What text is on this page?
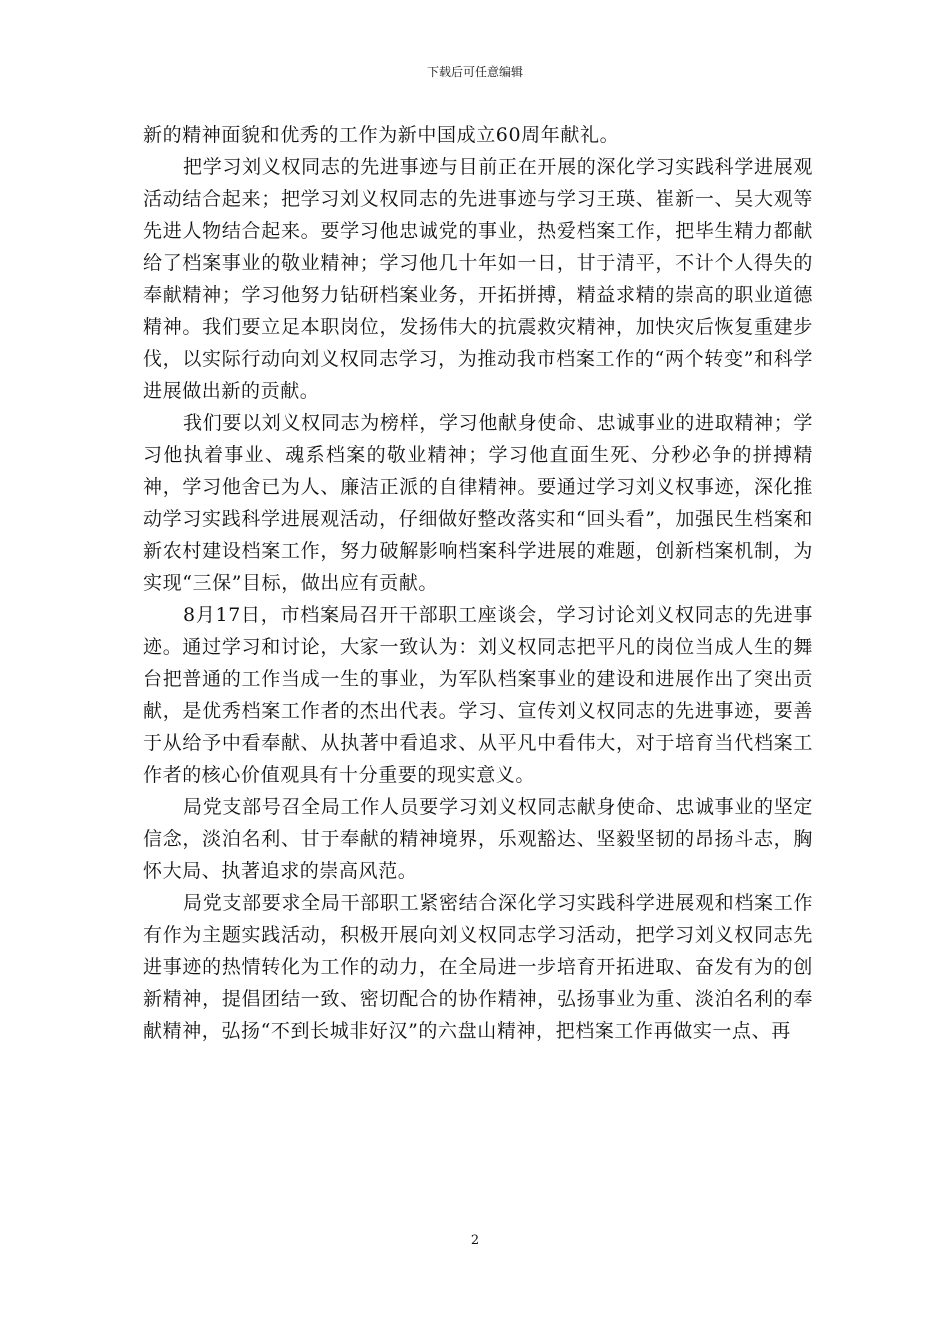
下载后可任意编辑

新的精神面貌和优秀的工作为新中国成立60周年献礼。

把学习刘义权同志的先进事迹与目前正在开展的深化学习实践科学进展观活动结合起来；把学习刘义权同志的先进事迹与学习王瑛、崔新一、吴大观等先进人物结合起来。要学习他忠诚党的事业，热爱档案工作，把毕生精力都献给了档案事业的敬业精神；学习他几十年如一日，甘于清平，不计个人得失的奉献精神；学习他努力钻研档案业务，开拓拼搏，精益求精的崇高的职业道德精神。我们要立足本职岗位，发扬伟大的抗震救灾精神，加快灾后恢复重建步伐，以实际行动向刘义权同志学习，为推动我市档案工作的“两个转变”和科学进展做出新的贡献。

我们要以刘义权同志为榜样，学习他献身使命、忠诚事业的进取精神；学习他执着事业、魂系档案的敬业精神；学习他直面生死、分秒必争的拼搏精神，学习他舍已为人、廉洁正派的自律精神。要通过学习刘义权事迹，深化推动学习实践科学进展观活动，仔细做好整改落实和“回头看”，加强民生档案和新农村建设档案工作，努力破解影响档案科学进展的难题，创新档案机制，为实现“三保”目标，做出应有贡献。

8月17日，市档案局召开干部职工座谈会，学习讨论刘义权同志的先进事迹。通过学习和讨论，大家一致认为：刘义权同志把平凡的岗位当成人生的舞台把普通的工作当成一生的事业，为军队档案事业的建设和进展作出了突出贡献，是优秀档案工作者的杰出代表。学习、宣传刘义权同志的先进事迹，要善于从给予中看奉献、从执著中看追求、从平凡中看伟大，对于培育当代档案工作者的核心价值观具有十分重要的现实意义。

局党支部号召全局工作人员要学习刘义权同志献身使命、忠诚事业的坚定信念，淡泊名利、甘于奉献的精神境界，乐观豁达、坚毅坚韧的昂扬斗志，胸怀大局、执著追求的崇高风范。

局党支部要求全局干部职工紧密结合深化学习实践科学进展观和档案工作有作为主题实践活动，积极开展向刘义权同志学习活动，把学习刘义权同志先进事迹的热情转化为工作的动力，在全局进一步培育开拓进取、奋发有为的创新精神，提倡团结一致、密切配合的协作精神，弘扬事业为重、淡泊名利的奉献精神，弘扬“不到长城非好汉”的六盘山精神，把档案工作再做实一点、再

2
